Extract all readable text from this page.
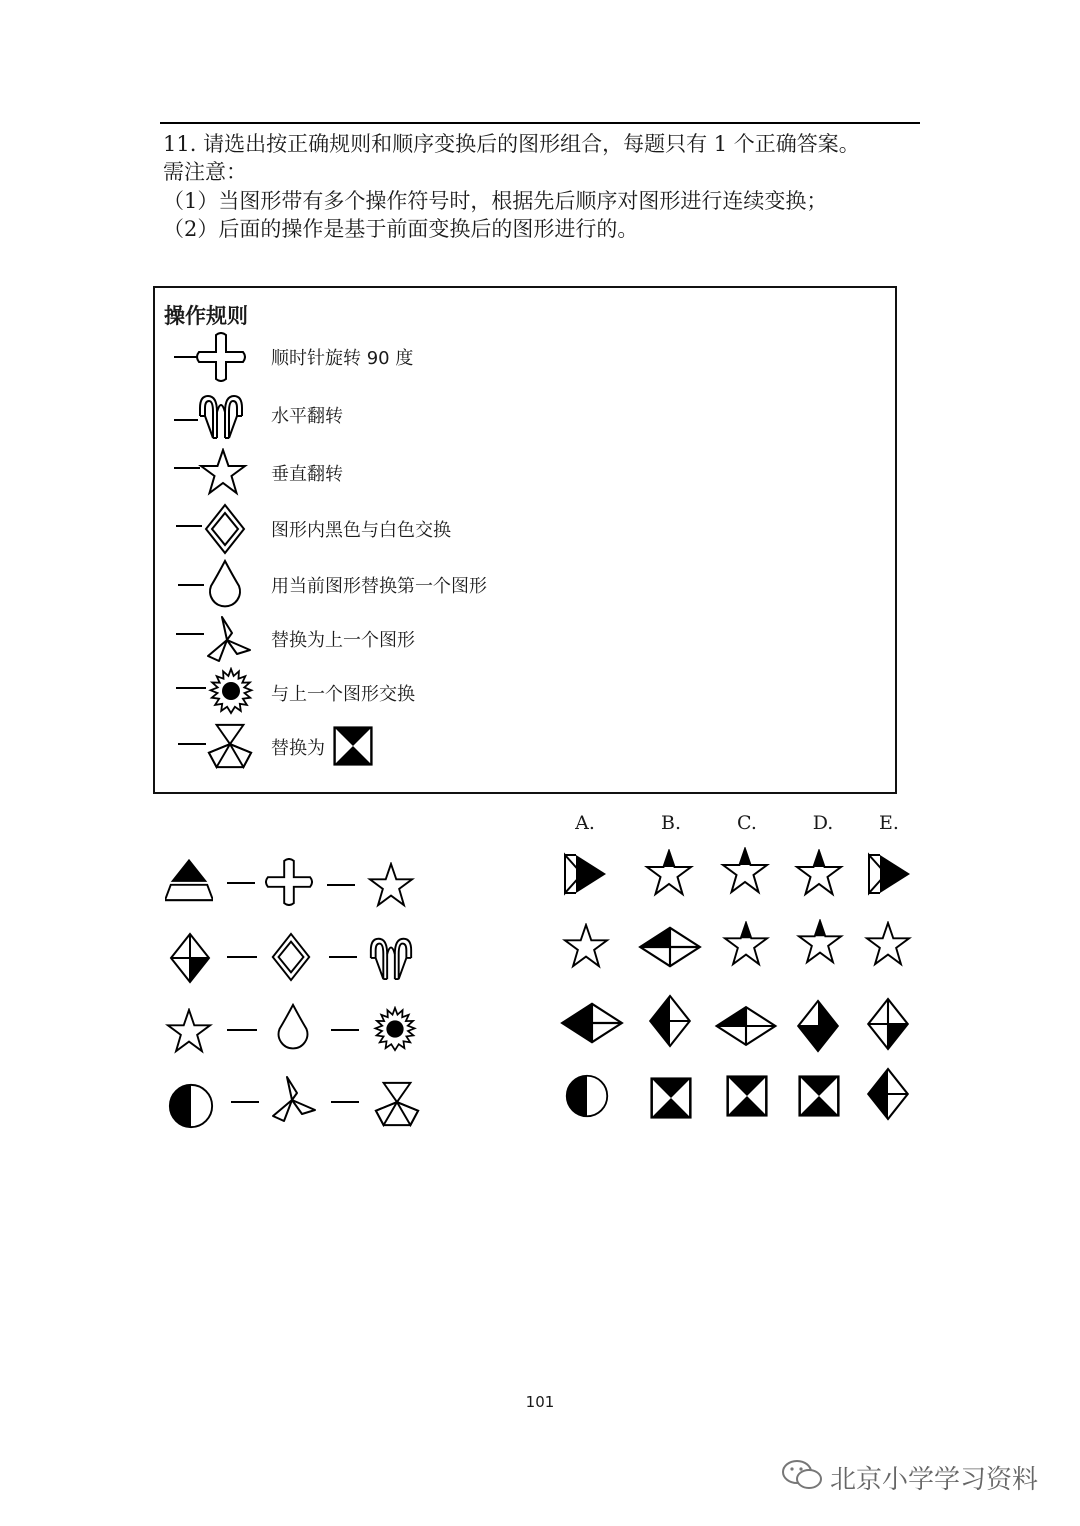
11. 请选出按正确规则和顺序变换后的图形组合，每题只有 1 个正确答案。
需注意：
（1）当图形带有多个操作符号时，根据先后顺序对图形进行连续变换；
（2）后面的操作是基于前面变换后的图形进行的。
操作规则
顺时针旋转 90 度
水平翻转
垂直翻转
图形内黑色与白色交换
用当前图形替换第一个图形
替换为上一个图形
与上一个图形交换
替换为
A.	B.	C.	D.	E.
101
北京小学学习资料
